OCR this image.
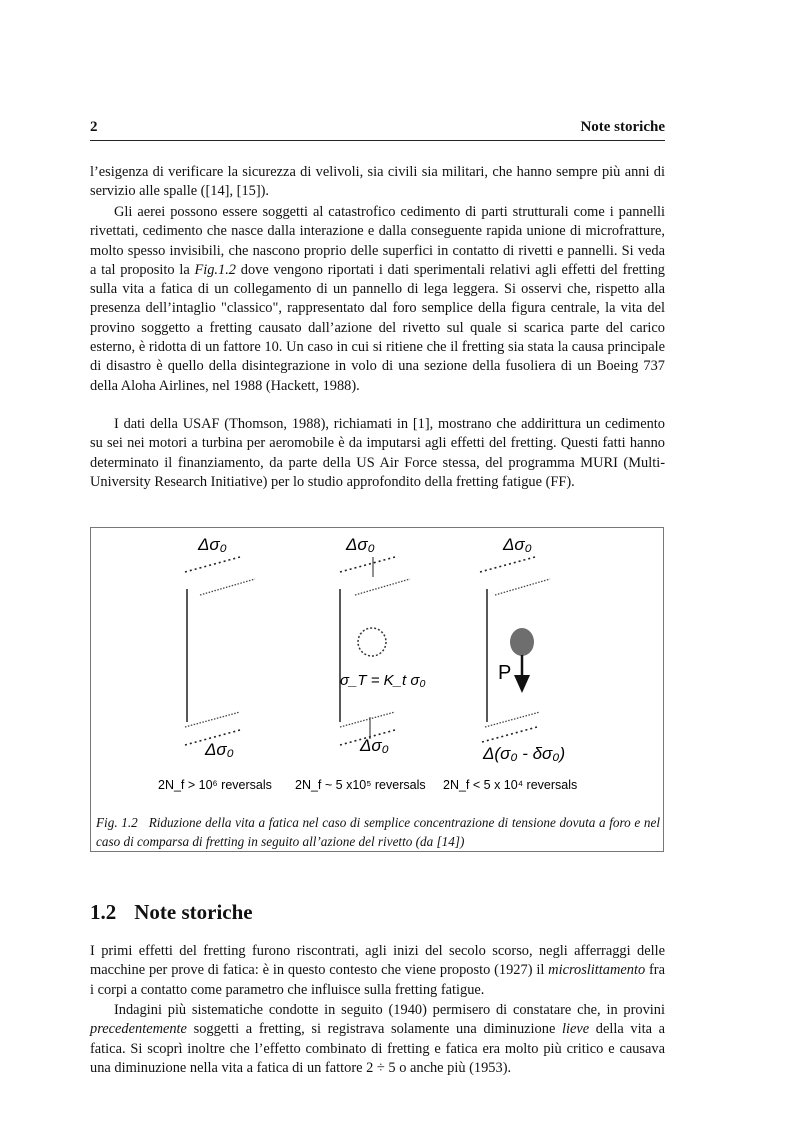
2	Note storiche

l’esigenza di verificare la sicurezza di velivoli, sia civili sia militari, che hanno sempre più anni di servizio alle spalle ([14], [15]).

Gli aerei possono essere soggetti al catastrofico cedimento di parti strutturali come i pannelli rivettati, cedimento che nasce dalla interazione e dalla conseguente rapida unione di microfratture, molto spesso invisibili, che nascono proprio delle superfici in contatto di rivetti e pannelli. Si veda a tal proposito la Fig.1.2 dove vengono riportati i dati sperimentali relativi agli effetti del fretting sulla vita a fatica di un collegamento di un pannello di lega leggera. Si osservi che, rispetto alla presenza dell’intaglio "classico", rappresentato dal foro semplice della figura centrale, la vita del provino soggetto a fretting causato dall’azione del rivetto sul quale si scarica parte del carico esterno, è ridotta di un fattore 10. Un caso in cui si ritiene che il fretting sia stata la causa principale di disastro è quello della disintegrazione in volo di una sezione della fusoliera di un Boeing 737 della Aloha Airlines, nel 1988 (Hackett, 1988).

I dati della USAF (Thomson, 1988), richiamati in [1], mostrano che addirittura un cedimento su sei nei motori a turbina per aeromobile è da imputarsi agli effetti del fretting. Questi fatti hanno determinato il finanziamento, da parte della US Air Force stessa, del programma MURI (Multi-University Research Initiative) per lo studio approfondito della fretting fatigue (FF).

Δσ₀
Δσ₀
Δσ₀
σ_T = K_t σ₀
Δσ₀
Δσ₀
P
Δ(σ₀ - δσ₀)
2N_f > 10⁶ reversals 2N_f ~ 5 x10⁵ reversals 2N_f < 5 x 10⁴ reversals

Fig. 1.2 Riduzione della vita a fatica nel caso di semplice concentrazione di tensione dovuta a foro e nel caso di comparsa di fretting in seguito all’azione del rivetto (da [14])

1.2 Note storiche

I primi effetti del fretting furono riscontrati, agli inizi del secolo scorso, negli afferraggi delle macchine per prove di fatica: è in questo contesto che viene proposto (1927) il microslittamento fra i corpi a contatto come parametro che influisce sulla fretting fatigue.

Indagini più sistematiche condotte in seguito (1940) permisero di constatare che, in provini precedentemente soggetti a fretting, si registrava solamente una diminuzione lieve della vita a fatica. Si scoprì inoltre che l’effetto combinato di fretting e fatica era molto più critico e causava una diminuzione nella vita a fatica di un fattore 2 ÷ 5 o anche più (1953).
